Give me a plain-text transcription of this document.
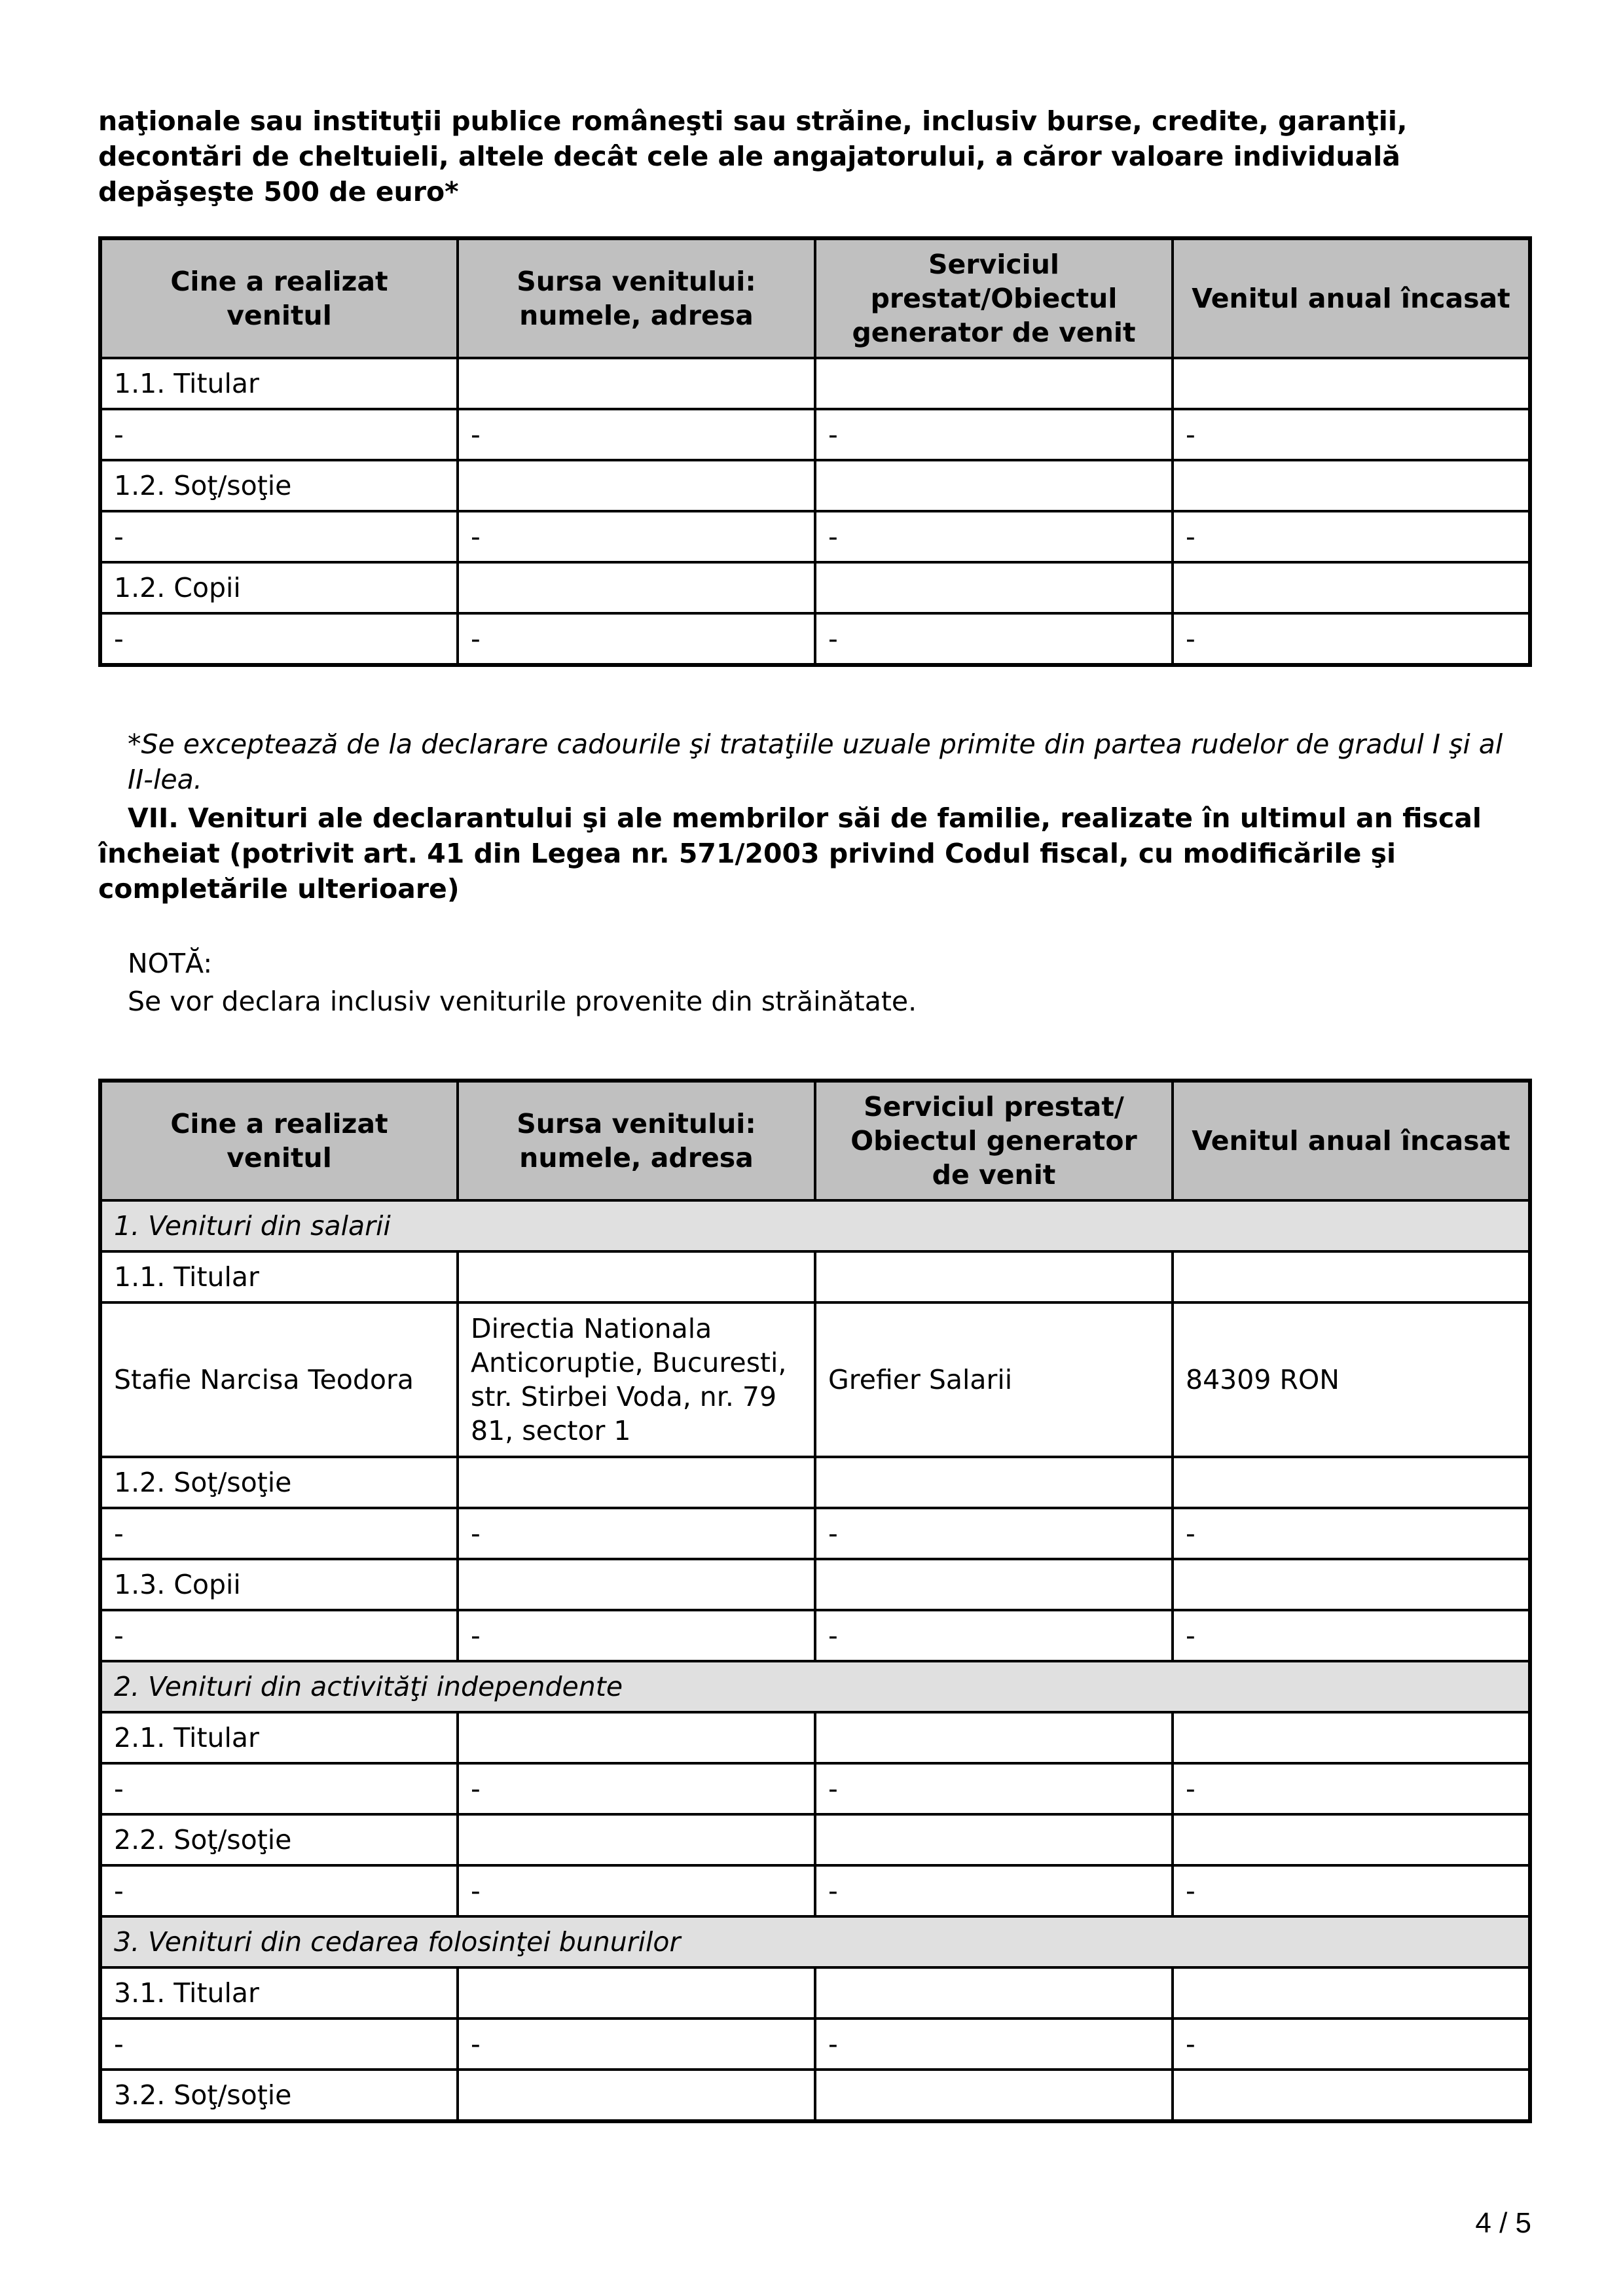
naţionale sau instituţii publice româneşti sau străine, inclusiv burse, credite, garanţii, decontări de cheltuieli, altele decât cele ale angajatorului, a căror valoare individuală depăşeşte 500 de euro*
Cine a realizat venitul	Sursa venitului: numele, adresa	Serviciul prestat/Obiectul generator de venit	Venitul anual încasat
1.1. Titular			
-	-	-	-
1.2. Soţ/soţie			
-	-	-	-
1.2. Copii			
-	-	-	-
*Se exceptează de la declarare cadourile şi trataţiile uzuale primite din partea rudelor de gradul I şi al II-lea.
VII. Venituri ale declarantului şi ale membrilor săi de familie, realizate în ultimul an fiscal încheiat (potrivit art. 41 din Legea nr. 571/2003 privind Codul fiscal, cu modificările şi completările ulterioare)
NOTĂ:
Se vor declara inclusiv veniturile provenite din străinătate.
Cine a realizat venitul	Sursa venitului: numele, adresa	Serviciul prestat/ Obiectul generator de venit	Venitul anual încasat
1. Venituri din salarii			
1.1. Titular			
Stafie Narcisa Teodora	Directia Nationala Anticoruptie, Bucuresti, str. Stirbei Voda, nr. 79 81, sector 1	Grefier Salarii	84309 RON
1.2. Soţ/soţie			
-	-	-	-
1.3. Copii			
-	-	-	-
2. Venituri din activităţi independente			
2.1. Titular			
-	-	-	-
2.2. Soţ/soţie			
-	-	-	-
3. Venituri din cedarea folosinţei bunurilor			
3.1. Titular			
-	-	-	-
3.2. Soţ/soţie			
4 / 5
